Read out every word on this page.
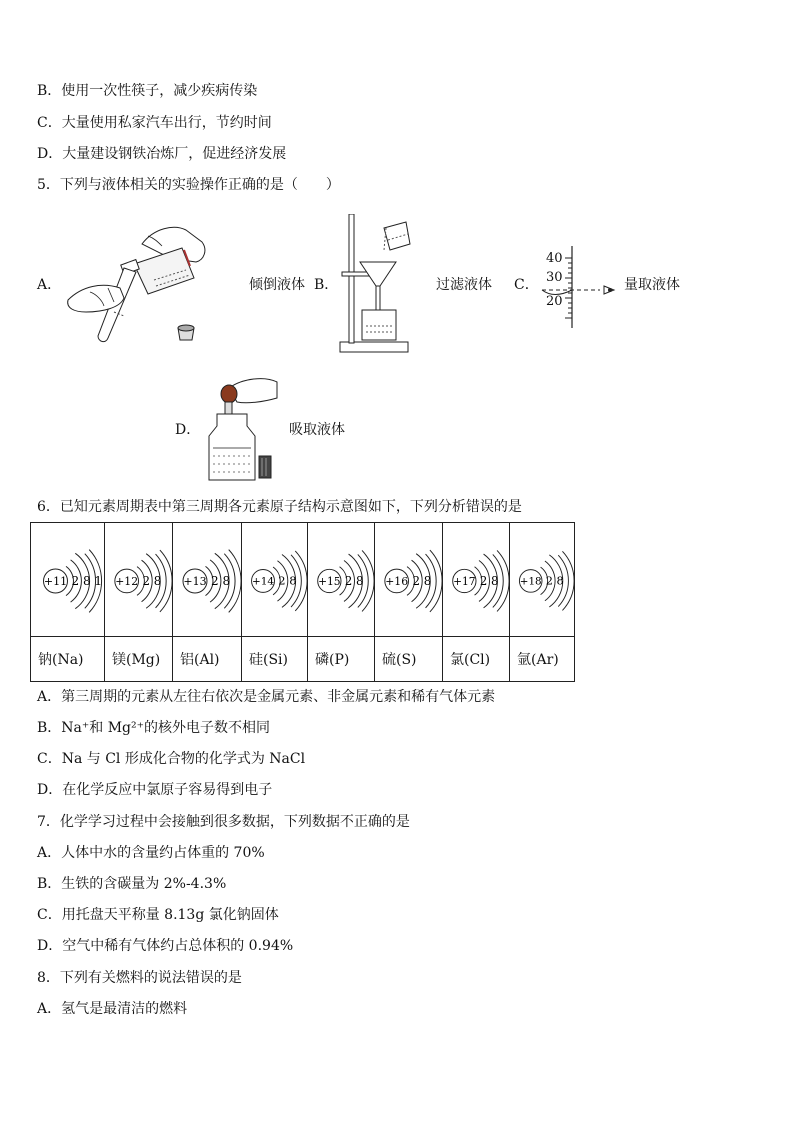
B．使用一次性筷子，减少疾病传染
C．大量使用私家汽车出行，节约时间
D．大量建设钢铁冶炼厂，促进经济发展
5．下列与液体相关的实验操作正确的是（　　）
A．	倾倒液体 B．	过滤液体 C．
40
30
20
量取液体
D．	吸取液体
6．已知元素周期表中第三周期各元素原子结构示意图如下，下列分析错误的是
+11 2 8 1	+12 2 8	+13 2 8	+14 2 8	+15 2 8	+16 2 8	+17 2 8	+18 2 8

钠(Na)	镁(Mg)	铝(Al)	硅(Si)	磷(P)	硫(S)	氯(Cl)	氩(Ar)
A．第三周期的元素从左往右依次是金属元素、非金属元素和稀有气体元素
B．Na⁺和 Mg²⁺的核外电子数不相同
C．Na 与 Cl 形成化合物的化学式为 NaCl
D．在化学反应中氯原子容易得到电子
7．化学学习过程中会接触到很多数据，下列数据不正确的是
A．人体中水的含量约占体重的 70%
B．生铁的含碳量为 2%-4.3%
C．用托盘天平称量 8.13g 氯化钠固体
D．空气中稀有气体约占总体积的 0.94%
8．下列有关燃料的说法错误的是
A．氢气是最清洁的燃料
